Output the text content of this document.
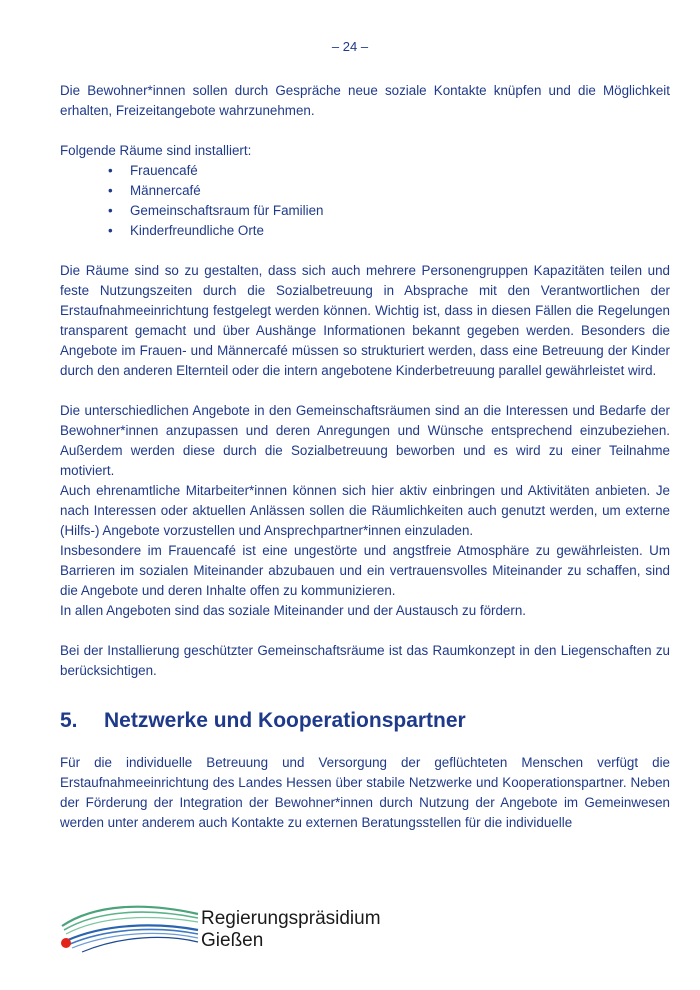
– 24 –

Die Bewohner*innen sollen durch Gespräche neue soziale Kontakte knüpfen und die Möglichkeit erhalten, Freizeitangebote wahrzunehmen.

Folgende Räume sind installiert:

• Frauencafé
• Männercafé
• Gemeinschaftsraum für Familien
• Kinderfreundliche Orte

Die Räume sind so zu gestalten, dass sich auch mehrere Personengruppen Kapazitäten teilen und feste Nutzungszeiten durch die Sozialbetreuung in Absprache mit den Verantwortlichen der Erstaufnahmeeinrichtung festgelegt werden können. Wichtig ist, dass in diesen Fällen die Regelungen transparent gemacht und über Aushänge Informationen bekannt gegeben werden. Besonders die Angebote im Frauen- und Männercafé müssen so strukturiert werden, dass eine Betreuung der Kinder durch den anderen Elternteil oder die intern angebotene Kinderbetreuung parallel gewährleistet wird.

Die unterschiedlichen Angebote in den Gemeinschaftsräumen sind an die Interessen und Bedarfe der Bewohner*innen anzupassen und deren Anregungen und Wünsche entsprechend einzubeziehen. Außerdem werden diese durch die Sozialbetreuung beworben und es wird zu einer Teilnahme motiviert.

Auch ehrenamtliche Mitarbeiter*innen können sich hier aktiv einbringen und Aktivitäten anbieten. Je nach Interessen oder aktuellen Anlässen sollen die Räumlichkeiten auch genutzt werden, um externe (Hilfs-) Angebote vorzustellen und Ansprechpartner*innen einzuladen.

Insbesondere im Frauencafé ist eine ungestörte und angstfreie Atmosphäre zu gewährleisten. Um Barrieren im sozialen Miteinander abzubauen und ein vertrauensvolles Miteinander zu schaffen, sind die Angebote und deren Inhalte offen zu kommunizieren.

In allen Angeboten sind das soziale Miteinander und der Austausch zu fördern.

Bei der Installierung geschützter Gemeinschaftsräume ist das Raumkonzept in den Liegenschaften zu berücksichtigen.

5. Netzwerke und Kooperationspartner

Für die individuelle Betreuung und Versorgung der geflüchteten Menschen verfügt die Erstaufnahmeeinrichtung des Landes Hessen über stabile Netzwerke und Kooperationspartner. Neben der Förderung der Integration der Bewohner*innen durch Nutzung der Angebote im Gemeinwesen werden unter anderem auch Kontakte zu externen Beratungsstellen für die individuelle

Regierungspräsidium
Gießen
